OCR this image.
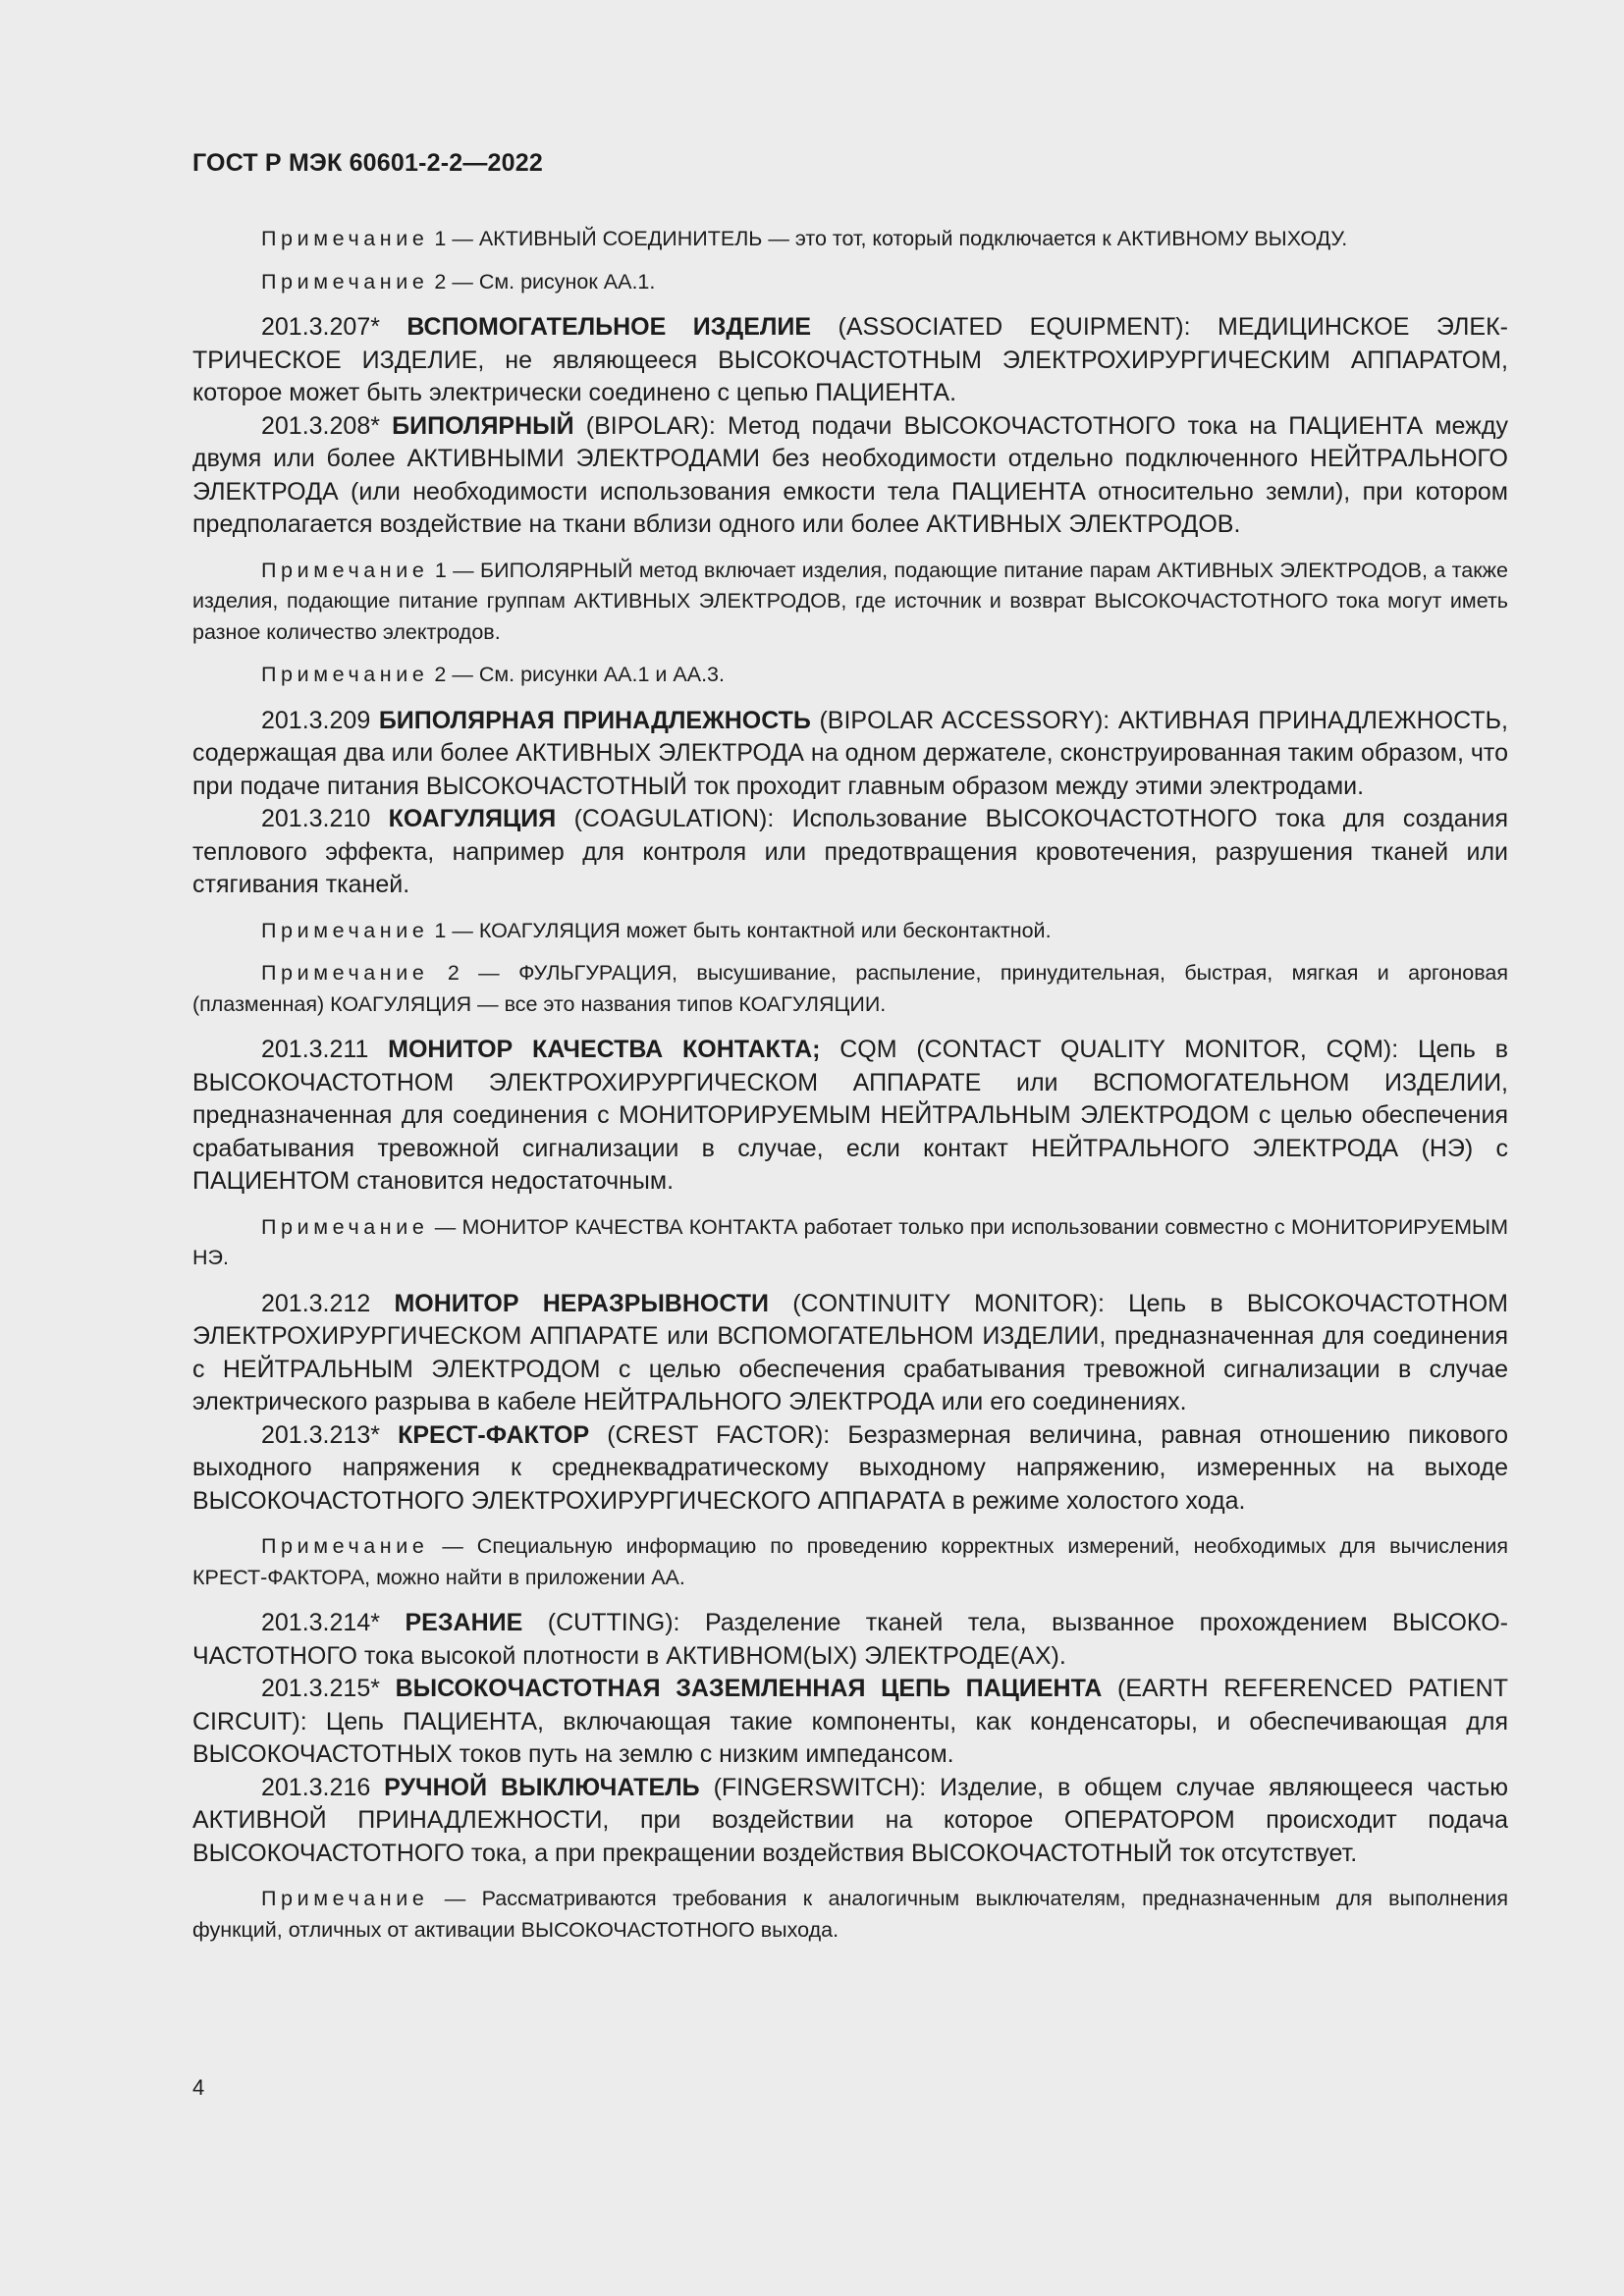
ГОСТ Р МЭК 60601-2-2—2022

Примечание 1 — АКТИВНЫЙ СОЕДИНИТЕЛЬ — это тот, который подключается к АКТИВНОМУ ВЫХОДУ.

Примечание 2 — См. рисунок АА.1.

201.3.207* ВСПОМОГАТЕЛЬНОЕ ИЗДЕЛИЕ (ASSOCIATED EQUIPMENT): МЕДИЦИНСКОЕ ЭЛЕКТРИЧЕСКОЕ ИЗДЕЛИЕ, не являющееся ВЫСОКОЧАСТОТНЫМ ЭЛЕКТРОХИРУРГИЧЕСКИМ АППАРАТОМ, которое может быть электрически соединено с цепью ПАЦИЕНТА.

201.3.208* БИПОЛЯРНЫЙ (BIPOLAR): Метод подачи ВЫСОКОЧАСТОТНОГО тока на ПАЦИЕНТА между двумя или более АКТИВНЫМИ ЭЛЕКТРОДАМИ без необходимости отдельно подключенного НЕЙТРАЛЬНОГО ЭЛЕКТРОДА (или необходимости использования емкости тела ПАЦИЕНТА относительно земли), при котором предполагается воздействие на ткани вблизи одного или более АКТИВНЫХ ЭЛЕКТРОДОВ.

Примечание 1 — БИПОЛЯРНЫЙ метод включает изделия, подающие питание парам АКТИВНЫХ ЭЛЕКТРОДОВ, а также изделия, подающие питание группам АКТИВНЫХ ЭЛЕКТРОДОВ, где источник и возврат ВЫСОКОЧАСТОТНОГО тока могут иметь разное количество электродов.

Примечание 2 — См. рисунки АА.1 и АА.3.

201.3.209 БИПОЛЯРНАЯ ПРИНАДЛЕЖНОСТЬ (BIPOLAR ACCESSORY): АКТИВНАЯ ПРИНАДЛЕЖНОСТЬ, содержащая два или более АКТИВНЫХ ЭЛЕКТРОДА на одном держателе, сконструированная таким образом, что при подаче питания ВЫСОКОЧАСТОТНЫЙ ток проходит главным образом между этими электродами.

201.3.210 КОАГУЛЯЦИЯ (COAGULATION): Использование ВЫСОКОЧАСТОТНОГО тока для создания теплового эффекта, например для контроля или предотвращения кровотечения, разрушения тканей или стягивания тканей.

Примечание 1 — КОАГУЛЯЦИЯ может быть контактной или бесконтактной.

Примечание 2 — ФУЛЬГУРАЦИЯ, высушивание, распыление, принудительная, быстрая, мягкая и аргоновая (плазменная) КОАГУЛЯЦИЯ — все это названия типов КОАГУЛЯЦИИ.

201.3.211 МОНИТОР КАЧЕСТВА КОНТАКТА; CQM (CONTACT QUALITY MONITOR, CQM): Цепь в ВЫСОКОЧАСТОТНОМ ЭЛЕКТРОХИРУРГИЧЕСКОМ АППАРАТЕ или ВСПОМОГАТЕЛЬНОМ ИЗДЕЛИИ, предназначенная для соединения с МОНИТОРИРУЕМЫМ НЕЙТРАЛЬНЫМ ЭЛЕКТРОДОМ с целью обеспечения срабатывания тревожной сигнализации в случае, если контакт НЕЙТРАЛЬНОГО ЭЛЕКТРОДА (НЭ) с ПАЦИЕНТОМ становится недостаточным.

Примечание — МОНИТОР КАЧЕСТВА КОНТАКТА работает только при использовании совместно с МОНИТОРИРУЕМЫМ НЭ.

201.3.212 МОНИТОР НЕРАЗРЫВНОСТИ (CONTINUITY MONITOR): Цепь в ВЫСОКОЧАСТОТНОМ ЭЛЕКТРОХИРУРГИЧЕСКОМ АППАРАТЕ или ВСПОМОГАТЕЛЬНОМ ИЗДЕЛИИ, предназначенная для соединения с НЕЙТРАЛЬНЫМ ЭЛЕКТРОДОМ с целью обеспечения срабатывания тревожной сигнализации в случае электрического разрыва в кабеле НЕЙТРАЛЬНОГО ЭЛЕКТРОДА или его соединениях.

201.3.213* КРЕСТ-ФАКТОР (CREST FACTOR): Безразмерная величина, равная отношению пикового выходного напряжения к среднеквадратическому выходному напряжению, измеренных на выходе ВЫСОКОЧАСТОТНОГО ЭЛЕКТРОХИРУРГИЧЕСКОГО АППАРАТА в режиме холостого хода.

Примечание — Специальную информацию по проведению корректных измерений, необходимых для вычисления КРЕСТ-ФАКТОРА, можно найти в приложении АА.

201.3.214* РЕЗАНИЕ (CUTTING): Разделение тканей тела, вызванное прохождением ВЫСОКОЧАСТОТНОГО тока высокой плотности в АКТИВНОМ(ЫХ) ЭЛЕКТРОДЕ(АХ).

201.3.215* ВЫСОКОЧАСТОТНАЯ ЗАЗЕМЛЕННАЯ ЦЕПЬ ПАЦИЕНТА (EARTH REFERENCED PATIENT CIRCUIT): Цепь ПАЦИЕНТА, включающая такие компоненты, как конденсаторы, и обеспечивающая для ВЫСОКОЧАСТОТНЫХ токов путь на землю с низким импедансом.

201.3.216 РУЧНОЙ ВЫКЛЮЧАТЕЛЬ (FINGERSWITCH): Изделие, в общем случае являющееся частью АКТИВНОЙ ПРИНАДЛЕЖНОСТИ, при воздействии на которое ОПЕРАТОРОМ происходит подача ВЫСОКОЧАСТОТНОГО тока, а при прекращении воздействия ВЫСОКОЧАСТОТНЫЙ ток отсутствует.

Примечание — Рассматриваются требования к аналогичным выключателям, предназначенным для выполнения функций, отличных от активации ВЫСОКОЧАСТОТНОГО выхода.

4
